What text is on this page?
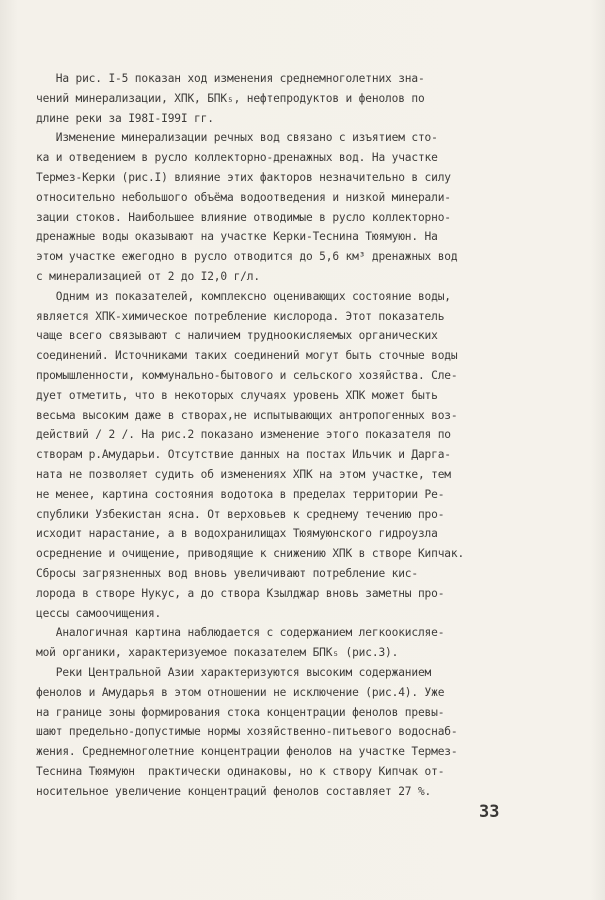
На рис. I-5 показан ход изменения среднемноголетних зна-
чений минерализации, ХПК, БПК₅, нефтепродуктов и фенолов по
длине реки за I98I-I99I гг.
Изменение минерализации речных вод связано с изъятием сто-
ка и отведением в русло коллекторно-дренажных вод. На участке
Термез-Керки (рис.I) влияние этих факторов незначительно в силу
относительно небольшого объёма водоотведения и низкой минерали-
зации стоков. Наибольшее влияние отводимые в русло коллекторно-
дренажные воды оказывают на участке Керки-Теснина Тюямуюн. На
этом участке ежегодно в русло отводится до 5,6 км³ дренажных вод
с минерализацией от 2 до I2,0 г/л.
Одним из показателей, комплексно оценивающих состояние воды,
является ХПК-химическое потребление кислорода. Этот показатель
чаще всего связывают с наличием трудноокисляемых органических
соединений. Источниками таких соединений могут быть сточные воды
промышленности, коммунально-бытового и сельского хозяйства. Сле-
дует отметить, что в некоторых случаях уровень ХПК может быть
весьма высоким даже в створах,не испытывающих антропогенных воз-
действий / 2 /. На рис.2 показано изменение этого показателя по
створам р.Амударьи. Отсутствие данных на постах Ильчик и Дарга-
ната не позволяет судить об изменениях ХПК на этом участке, тем
не менее, картина состояния водотока в пределах территории Ре-
спублики Узбекистан ясна. От верховьев к среднему течению про-
исходит нарастание, а в водохранилищах Тюямуюнского гидроузла
осреднение и очищение, приводящие к снижению ХПК в створе Кипчак.
Сбросы загрязненных вод вновь увеличивают потребление кис-
лорода в створе Нукус, а до створа Кзылджар вновь заметны про-
цессы самоочищения.
Аналогичная картина наблюдается с содержанием легкоокисляе-
мой органики, характеризуемое показателем БПК₅ (рис.3).
Реки Центральной Азии характеризуются высоким содержанием
фенолов и Амударья в этом отношении не исключение (рис.4). Уже
на границе зоны формирования стока концентрации фенолов превы-
шают предельно-допустимые нормы хозяйственно-питьевого водоснаб-
жения. Среднемноголетние концентрации фенолов на участке Термез-
Теснина Тюямуюн  практически одинаковы, но к створу Кипчак от-
носительное увеличение концентраций фенолов составляет 27 %.
33
